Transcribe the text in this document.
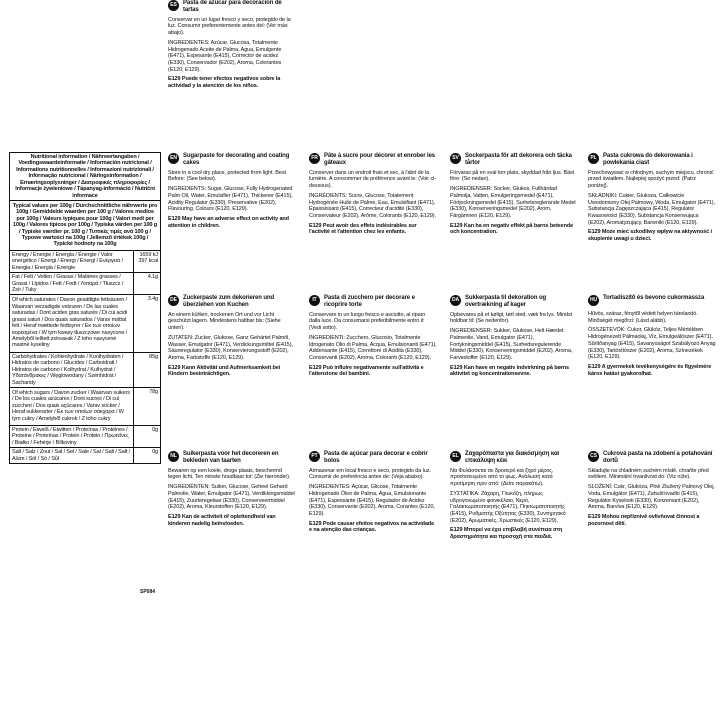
Nutritional information / Nährwertangaben / Voedingswaardeinformatie / Información nutricional / Informations nutritionnelles / Informazioni nutrizionali / Informação nutricional / Näringsinformation / Ernæringsoplysninger / Διατροφικές πληροφορίες / Informacje żywieniowe / Tápanyag-információ / Nutriční informace
Typical values per 100g / Durchschnittliche nährwerte pro 100g / Gemiddelde waarden per 100 g / Valores medios por 100g / Valeurs typiques pour 100g / Valori medi per 100g / Valores típicos por 100g / Typiska värden per 100 g / Typiske værdier pr. 100 g / Τυπικές τιμές ανά 100 g / Typowe wartości na 100g / Jellemző értékek 100g / Typické hodnoty na 100g
Energy / Energie / Energía / Énergie / Valor energético / Energi / Energi / Energi / Ενέργεια / Energia / Energia / Energie
1659 kJ
397 kcal
Fat / Fett / Vetten / Grasas / Matières grasses / Grassi / Lípidos / Fett / Fedt / Λιπαρά / Tłuszcz / Zsír / Tuky
4.1g
Of which saturates / Davon gesättigte fettsäuren / Waarvan verzadigde vetzuren / De las cuales saturadas / Dont acides gras saturés / Di cui acidi grassi saturi / Dos quais saturados / Varav mättat fett / Heraf mættede fedtsyrer / Εκ των οποίων κορεσμένα / W tym kwasy tłuszczowe nasycone / Amelyből telített zsírsavak / Z toho nasycené mastné kyseliny
3.4g
Carbohydrates / Kohlenhydrate / Koolhydraten / Hidratos de carbono / Glucides / Carboidrati / Hidratos de carbono / Kolhydrat / Kulhydrat / Υδατάνθρακες / Węglowodany / Szénhidrát / Sacharidy
85g
Of which sugars / Davon zucker / Waarvan suikers / De los cuales azúcares / Dont sucres / Di cui zuccheri / Dos quais açúcares / Varav socker / Heraf sukkerarter / Εκ των οποίων σάκχαρα / W tym cukry / Amelyből cukrok / Z toho cukry
78g
Protein / Eiweiß / Eiwitten / Proteínas / Protéines / Proteine / Proteínas / Protein / Protein / Πρωτεΐνες / Białko / Fehérje / Bílkoviny
0g
Salt / Salz / Zout / Sal / Sel / Sale / Sal / Salt / Salt / Αλάτι / Sól / Só / Sůl
0g
SP084
EN	Sugarpaste for decorating and coating cakes

Store in a cool dry place, protected from light. Best Before: (See below).

INGREDIENTS: Sugar, Glucose, Fully Hydrogenated Palm Oil, Water, Emulsifier (E471), Thickener (E415), Acidity Regulator (E330), Preservative (E202), Flavouring, Colours (E120, E129).

E129 May have an adverse effect on activity and attention in children.

DE	Zuckerpaste zum dekorieren und überziehen von Kuchen

An einem kühlen, trockenen Ort und vor Licht geschützt lagern. Mindestens haltbar bis: (Siehe unten).

ZUTATEN: Zucker, Glukose, Ganz Gehärtet Palmöl, Wasser, Emulgator (E471), Verdickungsmittel (E415), Säureregulator (E330), Konservierungsstoff (E202), Aroma, Farbstoffe (E120, E129).

E129 Kann Aktivität und Aufmerksamkeit bei Kindern beeinträchtigen.

NL	Suikerpasta voor het decoreren en bekleden van taarten

Bewaren op een koele, droge plaats, beschermd tegen licht. Ten minste houdbaar tot: (Zie hieronder).

INGREDIËNTEN: Suiker, Glucose, Geheel Gehard Palmolie, Water, Emulgator (E471), Verdikkingsmiddel (E415), Zuurteregelaar (E330), Conserveermiddel (E202), Aroma, Kleurstoffen (E120, E129).

E129 Kan de activiteit of oplettendheid van kinderen nadelig beïnvloeden.

ES	Pasta de azúcar para decoración de tartas

Conservar en un lugar fresco y seco, protegido de la luz. Consumir preferentemente antes del: (Ver más abajo).

INGREDIENTES: Azúcar, Glucosa, Totalmente Hidrogenado Aceite de Palma, Agua, Emulgente (E471), Espesante (E415), Corrector de acidez (E330), Conservador (E202), Aroma, Colorantes (E120, E129).

E129 Puede tener efectos negativos sobre la actividad y la atención de los niños.

FR	Pâte à sucre pour décorer et enrober les gâteaux

Conserver dans un endroit frais et sec, à l'abri de la lumière. A consommer de préférence avant le: (Voir ci-dessous).

INGRÉDIENTS: Sucre, Glucose, Totalement Hydrogénée Huile de Palme, Eau, Emulsifiant (E471), Épaississant (E415), Correcteur d'acidité (E330), Conservateur (E202), Arôme, Colorants (E120, E129).

E129 Peut avoir des effets indésirables sur l'activité et l'attention chez les enfants.

IT	Pasta di zucchero per decorare e ricoprire torte

Conservare in un luogo fresco e asciutto, al riparo dalla luce. Da consumarsi preferibilmente entro il: (Vedi sotto).

INGREDIENTI: Zucchero, Glucosio, Totalmente Idrogenato Olio di Palma, Acqua, Emulsionanti (E471), Addensante (E415), Correttore di Acidità (E330), Conservanti (E202), Aroma, Coloranti (E120, E129).

E129 Può influire negativamente sull'attività e l'attenzione dei bambini.

PT	Pasta de açúcar para decorar e cobrir bolos

Armazenar em local fresco e seco, protegido da luz. Consumir de preferência antes de: (Veja abaixo).

INGREDIENTES: Açúcar, Glicose, Totalmente Hidrogenado Óleo de Palma, Água, Emulsionante (E471), Espessante (E415), Regulador de Acidez (E330), Conservante (E202), Aroma, Corantes (E120, E129).

E129 Pode causar efeitos negativos na actividade e na atenção das crianças.

SV	Sockerpasta för att dekorera och täcka tårtor

Förvaras på en sval torr plats, skyddad från ljus. Bäst före: (Se nedan).

INGREDIENSER: Socker, Glukos, Fullhärdad Palmolja, Vatten, Emulgeringsmedel (E471), Förtjockningsmedel (E415), Surhetsreglerande Medel (E330), Konserveringsmedel (E202), Arom, Färgämnen (E120, E129).

E129 Kan ha en negativ effekt på barns beteende och koncentration.

DA Sukkerpasta til dekoration og overtrækning af kager

Opbevares på et køligt, tørt sted, væk fra lys. Mindst holdbar til: (Se nedenfor).

INGREDIENSER: Sukker, Glukose, Helt Hærdet Palmeolie, Vand, Emulgator (E471), Fortykningsmiddel (E415), Surhedsregulerende Middel (E330), Konserveringsmiddel (E202), Aroma, Farvestoffer (E120, E129).

E129 Kan have en negativ indvirkning på børns aktivitet og koncentrationsevne.

EL	Ζαχαρόπαστα για διακόσμηση και επικάλυψη κέικ

Να Φυλάσσεται σε δροσερό και ξηρό μέρος, προστατευμένο από το φως. Ανάλωση κατά προτίμηση πριν από: (Δείτε παρακάτω).

ΣΥΣΤΑΤΙΚΑ: Ζάχαρη, Γλυκόζη, πλήρως υδρογονωμένο φοινικέλαιο, Νερό, Γαλακτωματοποιητής (E471), Πηκτωματοποιητής (E415), Ρυθμιστής Οξύτητας (E330), Συντηρητικό (E202), Αρωματικές, Χρωστικές (E120, E129).

E129 Μπορεί να έχει επιβλαβή συνέπεια στη δραστηριότητα και προσοχή στα παιδιά.

PL	Pasta cukrowa do dekorowania i powlekania ciast

Przechowywać w chłodnym, suchym miejscu, chronić przed światłem. Najlepiej spożyć przed: (Patrz poniżej).

SKŁADNIKI: Cukier, Glukoza, Całkowicie Uwodorniony Olej Palmowy, Woda, Emulgator (E471), Substancja Zagęszczająca (E415), Regulator Kwasowości (E330), Substancja Konserwująca (E202), Aromatyzujący, Barwniki (E120, E129).

E129 Może mieć szkodliwy wpływ na aktywność i skupienie uwagi u dzieci.

HU Tortadíszítő és bevono cukormassza

Hűvös, száraz, fénytől védett helyen tárolandó. Minőségét megőrzi: (Lásd alább).

ÖSSZETEVŐK: Cukor, Glükóz, Teljes Mértékben Hidrogénezett Pálmaolaj, Víz, Emulgeálószer (E471), Sűrítőanyag (E415), Savanyúságot Szabályozó Anyag (E330), Tartósítószer (E202), Aroma, Színezékek (E120, E129).

E129 A gyermekek tevékenységére és figyelmére káros hatást gyakorolhat.

CS	Cukrová pasta na zdobení a potahování dortů

Skladujte na chladném suchém místě, chraňte před světlem. Minimální trvanlivost do: (Viz níže).

SLOŽENÍ: Cukr, Glukóza, Plně Ztužený Palmový Olej, Voda, Emulgátor (E471), Zahušťovadlo (E415), Regulátor Kyselosti (E330), Konzervant (E202), Aroma, Barviva (E120, E129).

E129 Mohou nepříznivě ovlivňovat činnost a pozornost dětí.
